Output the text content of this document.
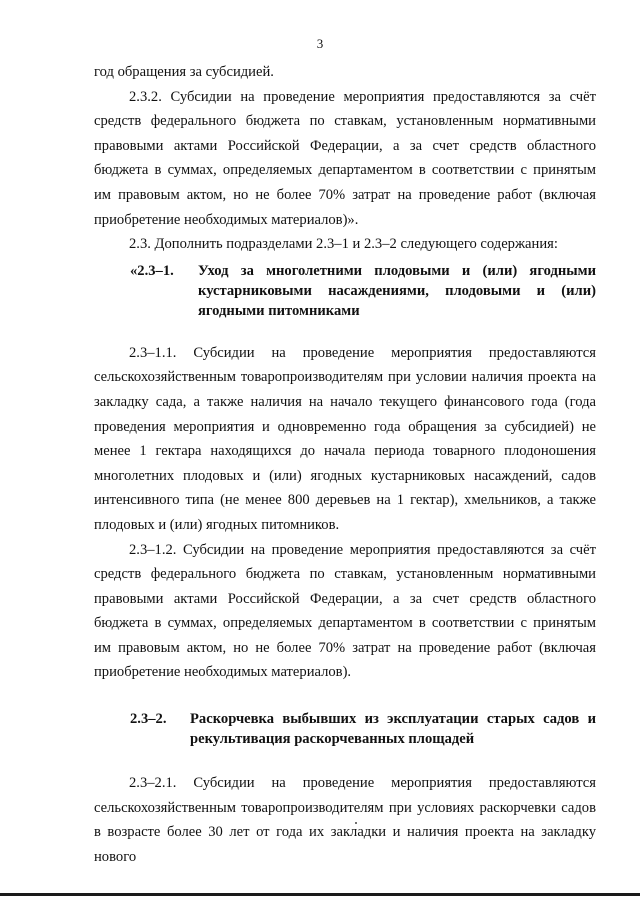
3

год обращения за субсидией.

2.3.2. Субсидии на проведение мероприятия предоставляются за счёт средств федерального бюджета по ставкам, установленным нормативными правовыми актами Российской Федерации, а за счет средств областного бюджета в суммах, определяемых департаментом в соответствии с принятым им правовым актом, но не более 70% затрат на проведение работ (включая приобретение необходимых материалов)».

2.3. Дополнить подразделами 2.3–1 и 2.3–2 следующего содержания:

«2.3–1.	Уход за многолетними плодовыми и (или) ягодными кустарниковыми насаждениями, плодовыми и (или) ягодными питомниками

2.3–1.1. Субсидии на проведение мероприятия предоставляются сельскохозяйственным товаропроизводителям при условии наличия проекта на закладку сада, а также наличия на начало текущего финансового года (года проведения мероприятия и одновременно года обращения за субсидией) не менее 1 гектара находящихся до начала периода товарного плодоношения многолетних плодовых и (или) ягодных кустарниковых насаждений, садов интенсивного типа (не менее 800 деревьев на 1 гектар), хмельников, а также плодовых и (или) ягодных питомников.

2.3–1.2. Субсидии на проведение мероприятия предоставляются за счёт средств федерального бюджета по ставкам, установленным нормативными правовыми актами Российской Федерации, а за счет средств областного бюджета в суммах, определяемых департаментом в соответствии с принятым им правовым актом, но не более 70% затрат на проведение работ (включая приобретение необходимых материалов).

2.3–2.	Раскорчевка выбывших из эксплуатации старых садов и рекультивация раскорчеванных площадей

2.3–2.1. Субсидии на проведение мероприятия предоставляются сельскохозяйственным товаропроизводителям при условиях раскорчевки садов в возрасте более 30 лет от года их закладки и наличия проекта на закладку нового
